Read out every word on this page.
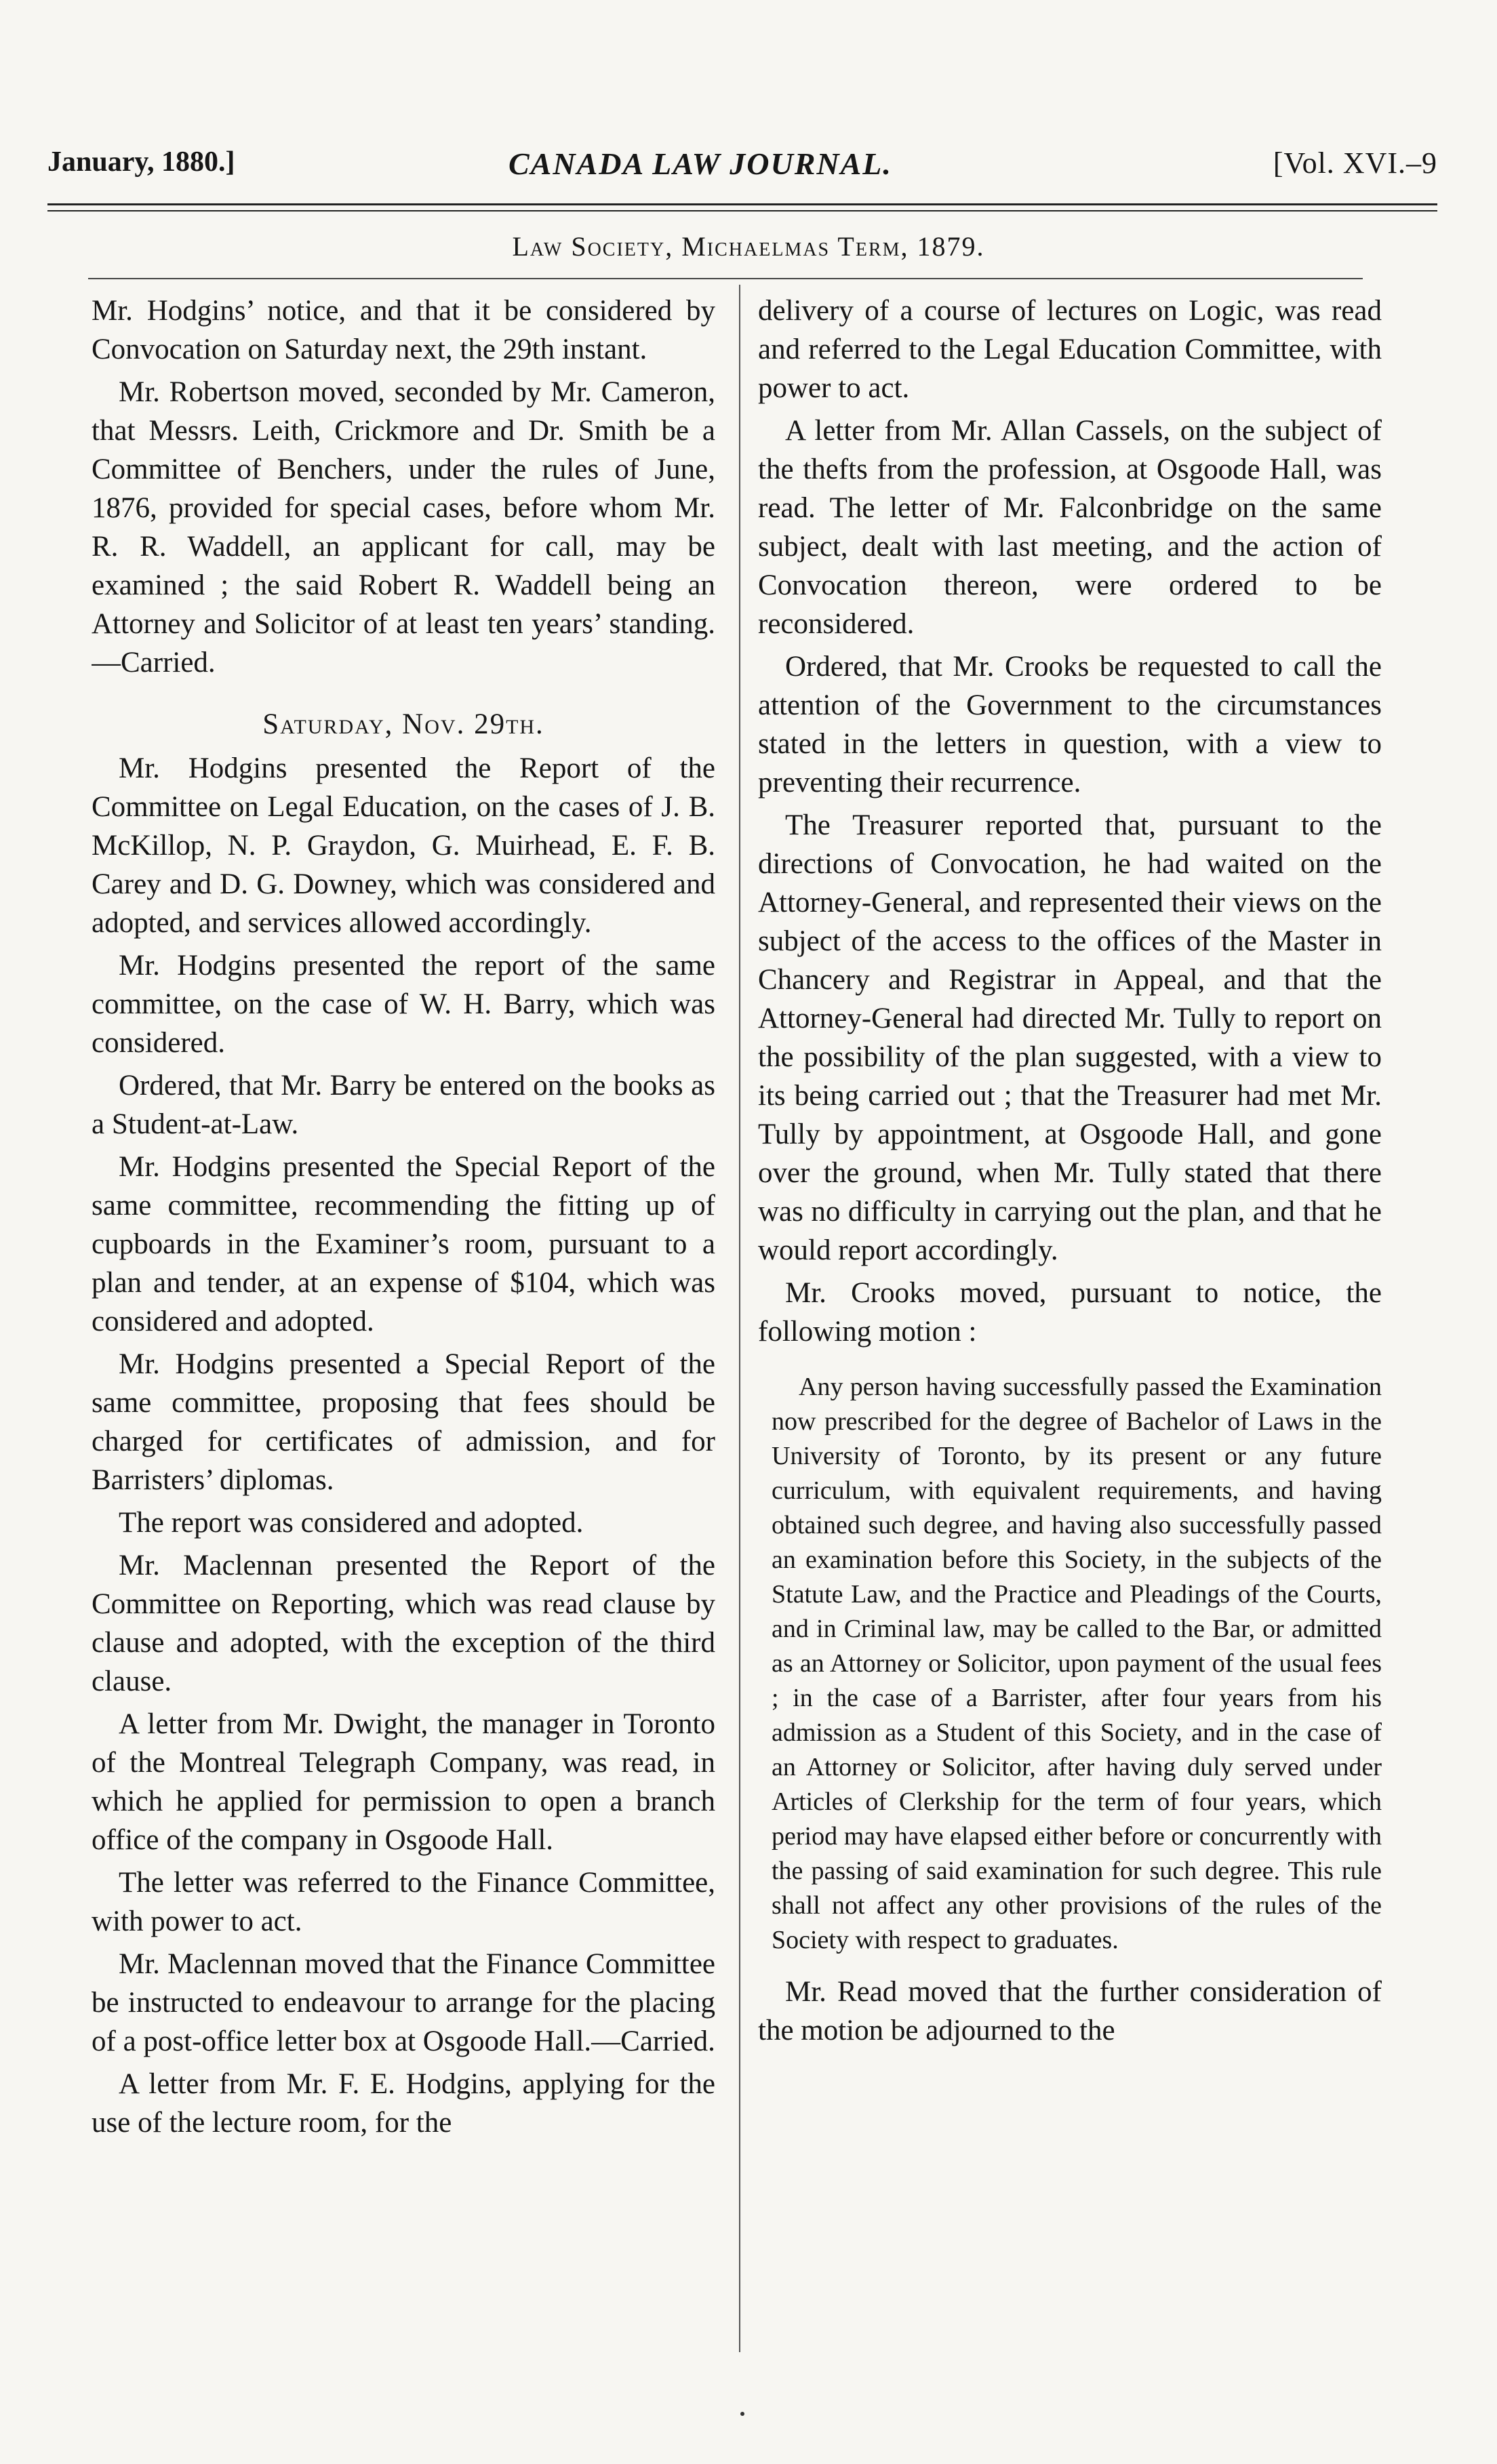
January, 1880.]	CANADA LAW JOURNAL.	[Vol. XVI.–9
Law Society, Michaelmas Term, 1879.

Mr. Hodgins’ notice, and that it be considered by Convocation on Saturday next, the 29th instant.

Mr. Robertson moved, seconded by Mr. Cameron, that Messrs. Leith, Crickmore and Dr. Smith be a Committee of Benchers, under the rules of June, 1876, provided for special cases, before whom Mr. R. R. Waddell, an applicant for call, may be examined ; the said Robert R. Waddell being an Attorney and Solicitor of at least ten years’ standing.—Carried.

Saturday, Nov. 29th.

Mr. Hodgins presented the Report of the Committee on Legal Education, on the cases of J. B. McKillop, N. P. Graydon, G. Muirhead, E. F. B. Carey and D. G. Downey, which was considered and adopted, and services allowed accordingly.

Mr. Hodgins presented the report of the same committee, on the case of W. H. Barry, which was considered.

Ordered, that Mr. Barry be entered on the books as a Student-at-Law.

Mr. Hodgins presented the Special Report of the same committee, recommending the fitting up of cupboards in the Examiner’s room, pursuant to a plan and tender, at an expense of $104, which was considered and adopted.

Mr. Hodgins presented a Special Report of the same committee, proposing that fees should be charged for certificates of admission, and for Barristers’ diplomas.

The report was considered and adopted.

Mr. Maclennan presented the Report of the Committee on Reporting, which was read clause by clause and adopted, with the exception of the third clause.

A letter from Mr. Dwight, the manager in Toronto of the Montreal Telegraph Company, was read, in which he applied for permission to open a branch office of the company in Osgoode Hall.

The letter was referred to the Finance Committee, with power to act.

Mr. Maclennan moved that the Finance Committee be instructed to endeavour to arrange for the placing of a post-office letter box at Osgoode Hall.—Carried.

A letter from Mr. F. E. Hodgins, applying for the use of the lecture room, for the

delivery of a course of lectures on Logic, was read and referred to the Legal Education Committee, with power to act.

A letter from Mr. Allan Cassels, on the subject of the thefts from the profession, at Osgoode Hall, was read. The letter of Mr. Falconbridge on the same subject, dealt with last meeting, and the action of Convocation thereon, were ordered to be reconsidered.

Ordered, that Mr. Crooks be requested to call the attention of the Government to the circumstances stated in the letters in question, with a view to preventing their recurrence.

The Treasurer reported that, pursuant to the directions of Convocation, he had waited on the Attorney-General, and represented their views on the subject of the access to the offices of the Master in Chancery and Registrar in Appeal, and that the Attorney-General had directed Mr. Tully to report on the possibility of the plan suggested, with a view to its being carried out ; that the Treasurer had met Mr. Tully by appointment, at Osgoode Hall, and gone over the ground, when Mr. Tully stated that there was no difficulty in carrying out the plan, and that he would report accordingly.

Mr. Crooks moved, pursuant to notice, the following motion :

Any person having successfully passed the Examination now prescribed for the degree of Bachelor of Laws in the University of Toronto, by its present or any future curriculum, with equivalent requirements, and having obtained such degree, and having also successfully passed an examination before this Society, in the subjects of the Statute Law, and the Practice and Pleadings of the Courts, and in Criminal law, may be called to the Bar, or admitted as an Attorney or Solicitor, upon payment of the usual fees ; in the case of a Barrister, after four years from his admission as a Student of this Society, and in the case of an Attorney or Solicitor, after having duly served under Articles of Clerkship for the term of four years, which period may have elapsed either before or concurrently with the passing of said examination for such degree. This rule shall not affect any other provisions of the rules of the Society with respect to graduates.

Mr. Read moved that the further consideration of the motion be adjourned to the
